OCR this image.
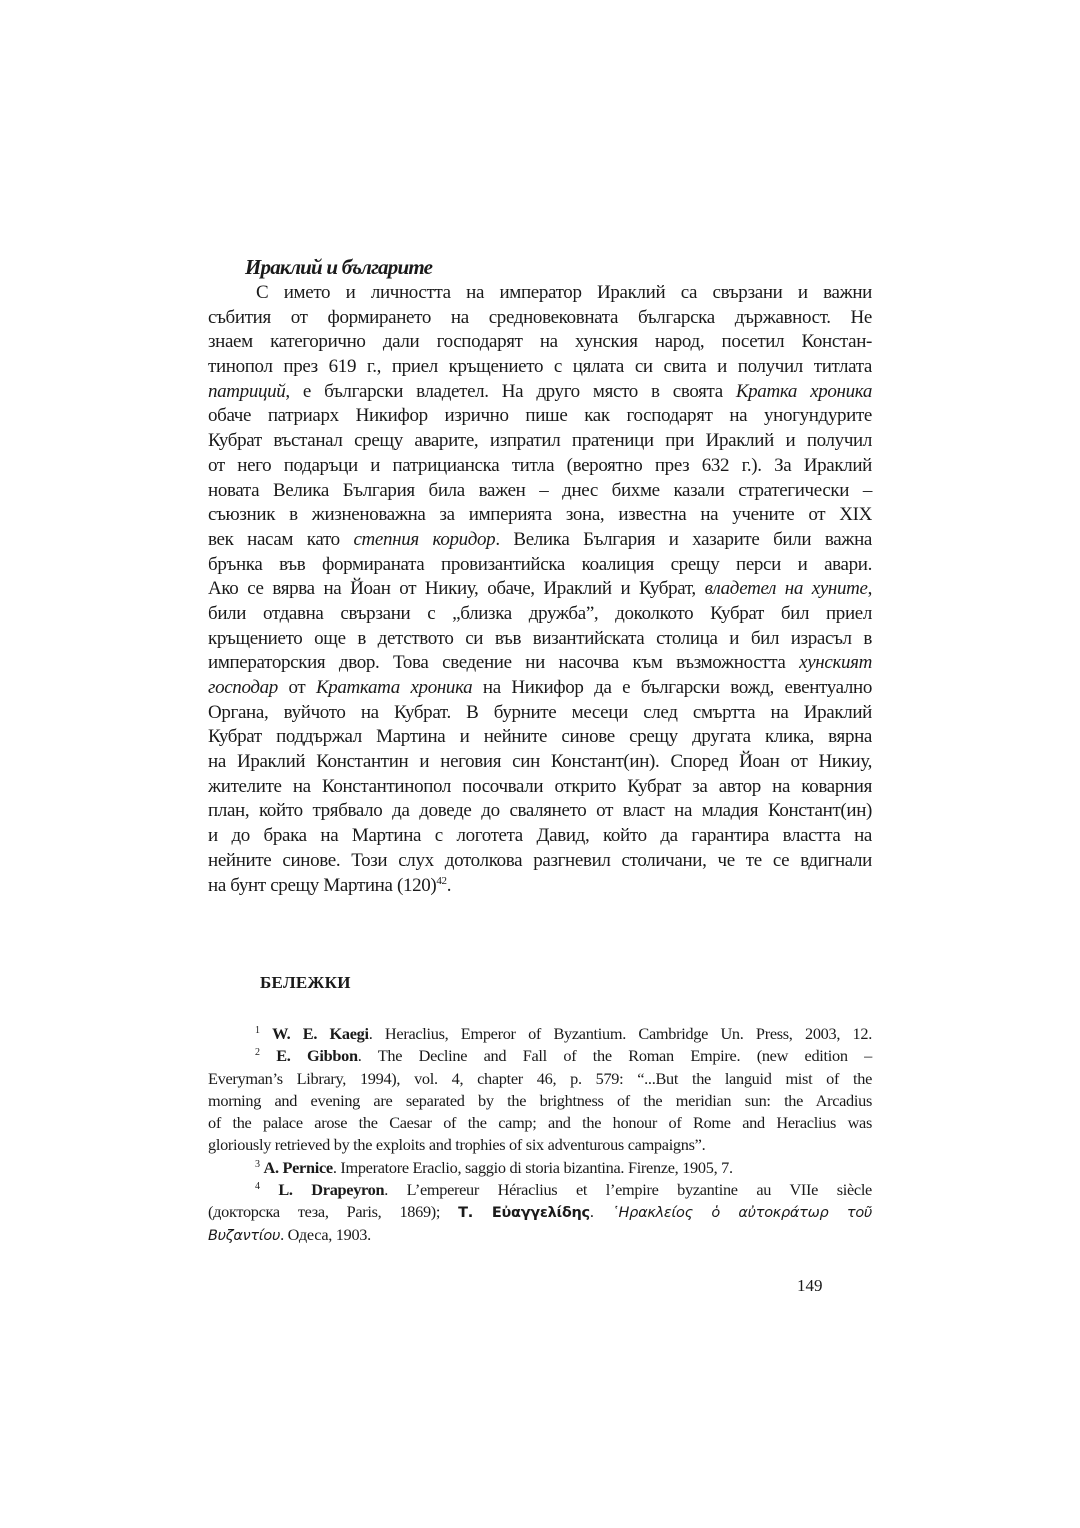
Ираклий и българите
С името и личността на император Ираклий са свързани и важни
събития от формирането на средновековната българска държавност. Не
знаем категорично дали господарят на хунския народ, посетил Констан-
тинопол през 619 г., приел кръщението с цялата си свита и получил титлата
патриций, е български владетел. На друго място в своята Кратка хроника
обаче патриарх Никифор изрично пише как господарят на уногундурите
Кубрат въстанал срещу аварите, изпратил пратеници при Ираклий и получил
от него подаръци и патрицианска титла (вероятно през 632 г.). За Ираклий
новата Велика България била важен – днес бихме казали стратегически –
съюзник в жизненоважна за империята зона, известна на учените от XIX
век насам като степния коридор. Велика България и хазарите били важна
брънка във формираната провизантийска коалиция срещу перси и авари.
Ако се вярва на Йоан от Никиу, обаче, Ираклий и Кубрат, владетел на хуните,
били отдавна свързани с „близка дружба”, доколкото Кубрат бил приел
кръщението още в детството си във византийската столица и бил израсъл в
императорския двор. Това сведение ни насочва към възможността хунският
господар от Кратката хроника на Никифор да е български вожд, евентуално
Органа, вуйчото на Кубрат. В бурните месеци след смъртта на Ираклий
Кубрат поддържал Мартина и нейните синове срещу другата клика, вярна
на Ираклий Константин и неговия син Констант(ин). Според Йоан от Никиу,
жителите на Константинопол посочвали открито Кубрат за автор на коварния
план, който трябвало да доведе до свалянето от власт на младия Констант(ин)
и до брака на Мартина с логотета Давид, който да гарантира властта на
нейните синове. Този слух дотолкова разгневил столичани, че те се вдигнали
на бунт срещу Мартина $(120)^{42}$.
БЕЛЕЖКИ
$^1$ W. E. Kaegi. Heraclius, Emperor of Byzantium. Cambridge Un. Press, 2003, 12.
$^2$ E. Gibbon. The Decline and Fall of the Roman Empire. (new edition –
Everyman’s Library, 1994), vol. 4, chapter 46, p. 579: “...But the languid mist of the
morning and evening are separated by the brightness of the meridian sun: the Arcadius
of the palace arose the Caesar of the camp; and the honour of Rome and Heraclius was
gloriously retrieved by the exploits and trophies of six adventurous campaigns”.
$^3$ A. Pernice. Imperatore Eraclio, saggio di storia bizantina. Firenze, 1905, 7.
$^4$ L. Drapeyron. L’empereur Héraclius et l’empire byzantine au VIIe siècle
(докторска теза, Paris, 1869); Τ. Εὐαγγελίδης. ῾Ηρακλείος ὁ αὐτοκράτωρ τοῦ
Βυζαντίου. Одеса, 1903.
149
